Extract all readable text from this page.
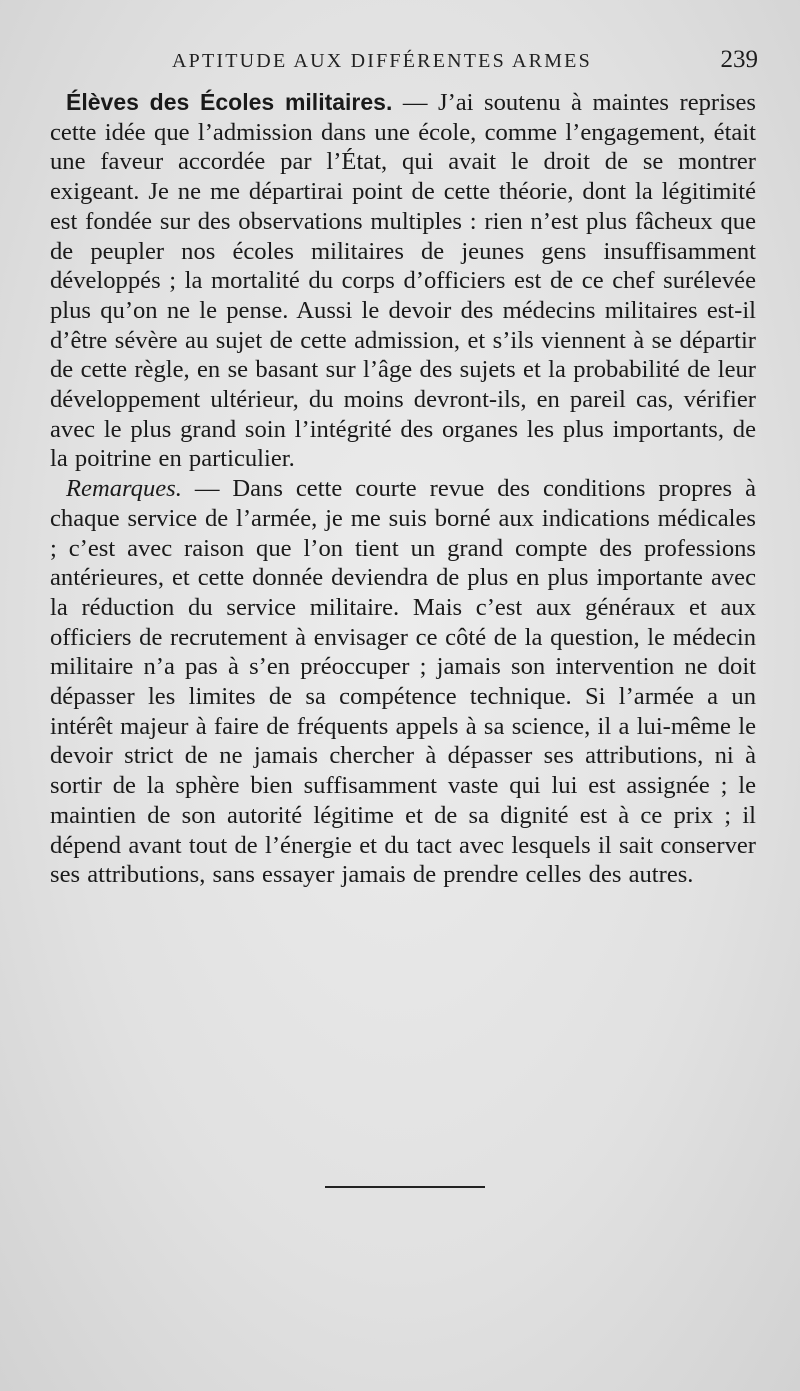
APTITUDE AUX DIFFÉRENTES ARMES	239

Élèves des Écoles militaires. — J’ai soutenu à maintes reprises cette idée que l’admission dans une école, comme l’engagement, était une faveur accordée par l’État, qui avait le droit de se montrer exigeant. Je ne me départirai point de cette théorie, dont la légitimité est fondée sur des observations multiples : rien n’est plus fâcheux que de peupler nos écoles militaires de jeunes gens insuffisamment développés ; la mortalité du corps d’officiers est de ce chef surélevée plus qu’on ne le pense. Aussi le devoir des médecins militaires est-il d’être sévère au sujet de cette admission, et s’ils viennent à se départir de cette règle, en se basant sur l’âge des sujets et la probabilité de leur développement ultérieur, du moins devront-ils, en pareil cas, vérifier avec le plus grand soin l’intégrité des organes les plus importants, de la poitrine en particulier.

Remarques. — Dans cette courte revue des conditions propres à chaque service de l’armée, je me suis borné aux indications médicales ; c’est avec raison que l’on tient un grand compte des professions antérieures, et cette donnée deviendra de plus en plus importante avec la réduction du service militaire. Mais c’est aux généraux et aux officiers de recrutement à envisager ce côté de la question, le médecin militaire n’a pas à s’en préoccuper ; jamais son intervention ne doit dépasser les limites de sa compétence technique. Si l’armée a un intérêt majeur à faire de fréquents appels à sa science, il a lui-même le devoir strict de ne jamais chercher à dépasser ses attributions, ni à sortir de la sphère bien suffisamment vaste qui lui est assignée ; le maintien de son autorité légitime et de sa dignité est à ce prix ; il dépend avant tout de l’énergie et du tact avec lesquels il sait conserver ses attributions, sans essayer jamais de prendre celles des autres.
